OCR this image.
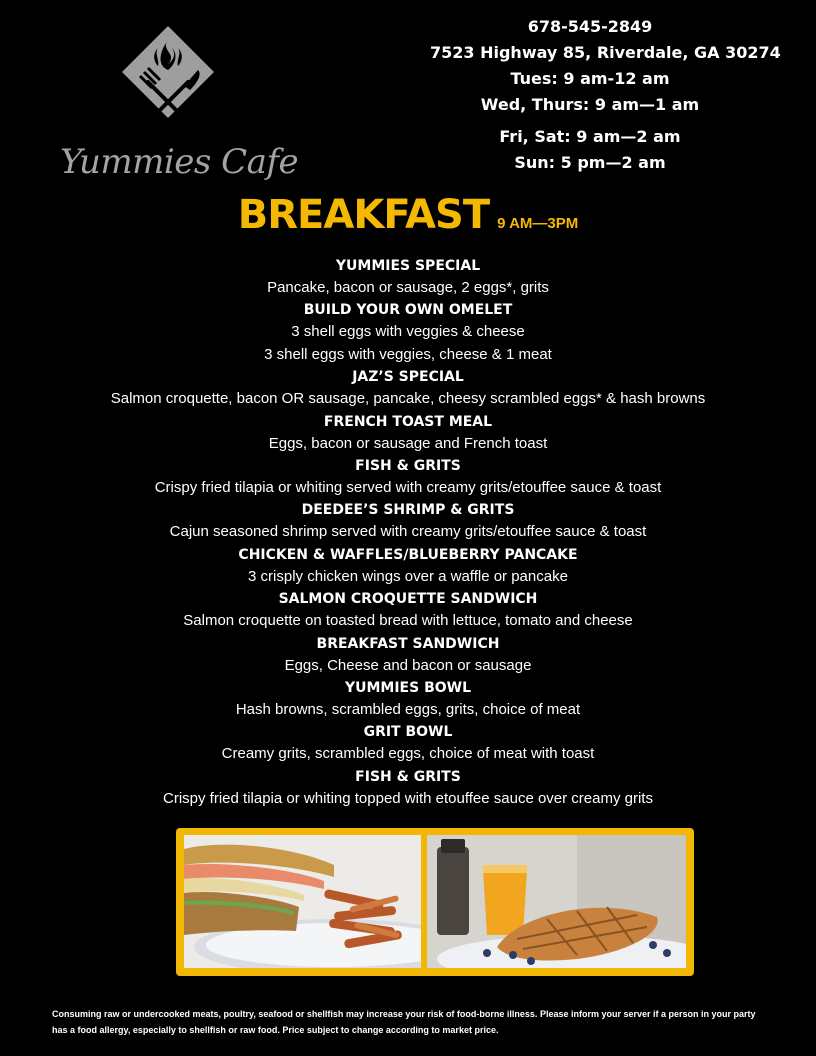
Yummies Cafe
678-545-2849
7523 Highway 85, Riverdale, GA 30274
Tues: 9 am-12 am
Wed, Thurs: 9 am—1 am
Fri, Sat: 9 am—2 am
Sun: 5 pm—2 am
BREAKFAST 9 AM—3PM
YUMMIES SPECIAL
Pancake, bacon or sausage, 2 eggs*, grits
BUILD YOUR OWN OMELET
3 shell eggs with veggies & cheese
3 shell eggs with veggies, cheese & 1 meat
JAZ’S SPECIAL
Salmon croquette, bacon OR sausage, pancake, cheesy scrambled eggs* & hash browns
FRENCH TOAST MEAL
Eggs, bacon or sausage and French toast
FISH & GRITS
Crispy fried tilapia or whiting served with creamy grits/etouffee sauce & toast
DEEDEE’S SHRIMP & GRITS
Cajun seasoned shrimp served with creamy grits/etouffee sauce & toast
CHICKEN & WAFFLES/BLUEBERRY PANCAKE
3 crisply chicken wings over a waffle or pancake
SALMON CROQUETTE SANDWICH
Salmon croquette on toasted bread with lettuce, tomato and cheese
BREAKFAST SANDWICH
Eggs, Cheese and bacon or sausage
YUMMIES BOWL
Hash browns, scrambled eggs, grits, choice of meat
GRIT BOWL
Creamy grits, scrambled eggs, choice of meat with toast
FISH & GRITS
Crispy fried tilapia or whiting topped with etouffee sauce over creamy grits
Consuming raw or undercooked meats, poultry, seafood or shellfish may increase your risk of food-borne illness. Please inform your server if a person in your party has a food allergy, especially to shellfish or raw food. Price subject to change according to market price.
